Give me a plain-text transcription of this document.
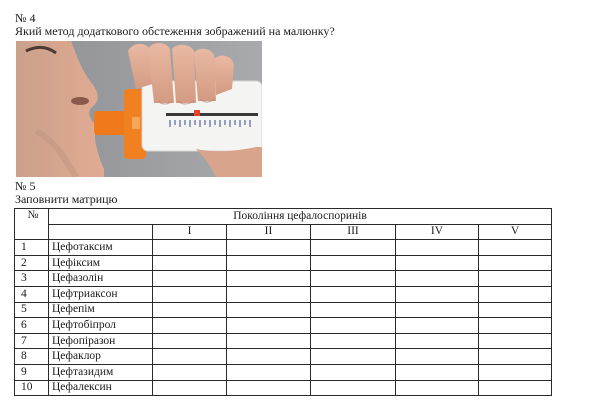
№ 4
Який метод додаткового обстеження зображений на малюнку?
№ 5
Заповнити матрицю
№	Покоління цефалоспоринів					
		I	II	III	IV	V
1	Цефотаксим					
2	Цефіксим					
3	Цефазолін					
4	Цефтриаксон					
5	Цефепім					
6	Цефтобіпрол					
7	Цефопіразон					
8	Цефаклор					
9	Цефтазидим					
10	Цефалексин					
